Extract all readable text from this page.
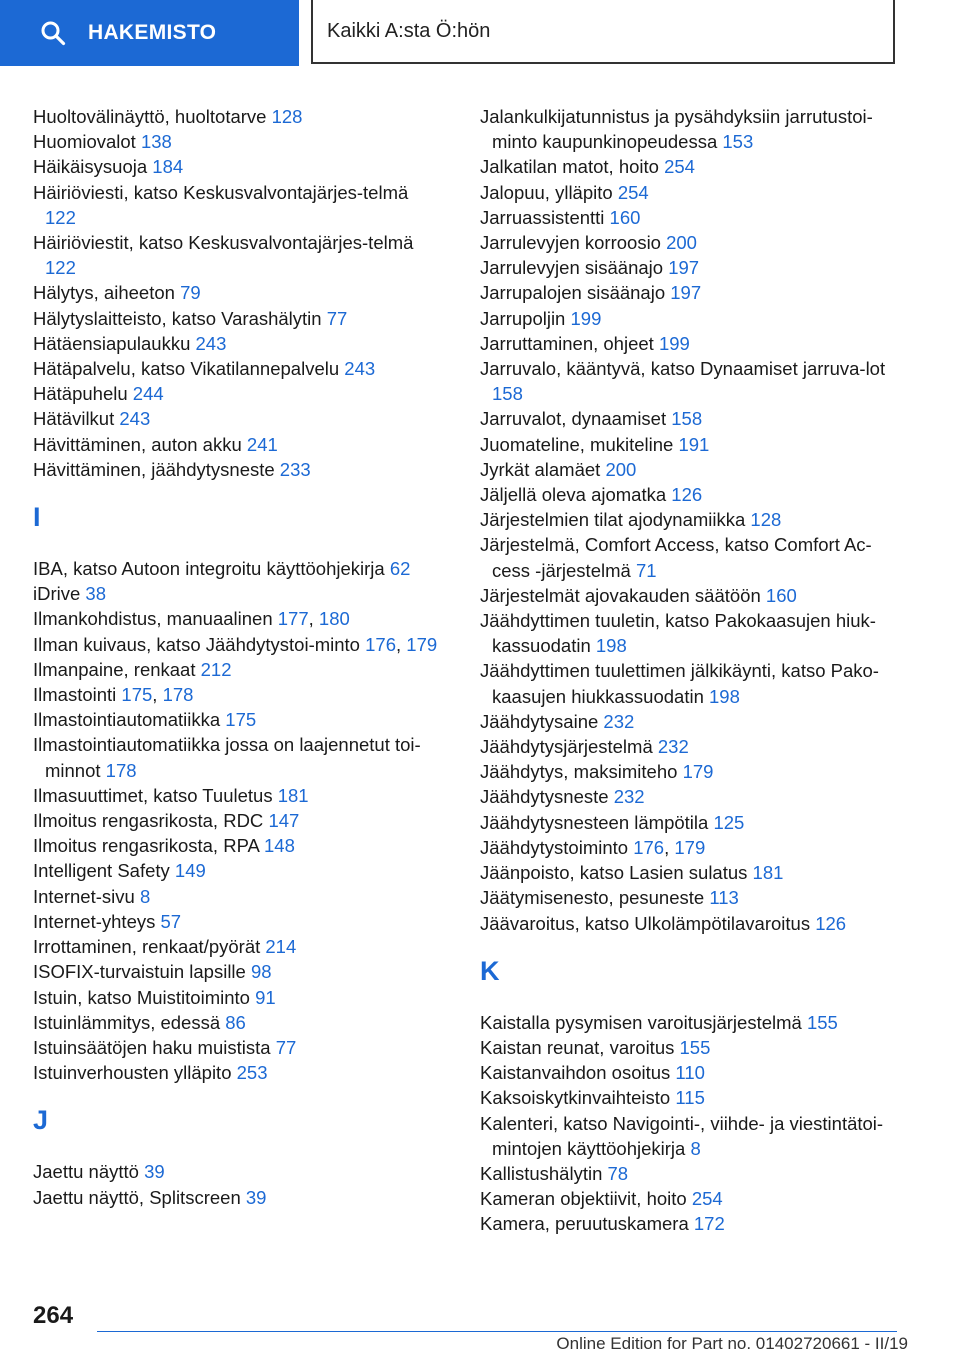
HAKEMISTO	Kaikki A:sta Ö:hön
Huoltovälinäyttö, huoltotarve 128
Huomiovalot 138
Häikäisysuoja 184
Häiriöviesti, katso Keskusvalvontajärjes-telmä 122
Häiriöviestit, katso Keskusvalvontajärjes-telmä 122
Hälytys, aiheeton 79
Hälytyslaitteisto, katso Varashälytin 77
Hätäensiapulaukku 243
Hätäpalvelu, katso Vikatilannepalvelu 243
Hätäpuhelu 244
Hätävilkut 243
Hävittäminen, auton akku 241
Hävittäminen, jäähdytysneste 233
I
IBA, katso Autoon integroitu käyttöohjekirja 62
iDrive 38
Ilmankohdistus, manuaalinen 177, 180
Ilman kuivaus, katso Jäähdytystoi-minto 176, 179
Ilmanpaine, renkaat 212
Ilmastointi 175, 178
Ilmastointiautomatiikka 175
Ilmastointiautomatiikka jossa on laajennetut toi-minnot 178
Ilmasuuttimet, katso Tuuletus 181
Ilmoitus rengasrikosta, RDC 147
Ilmoitus rengasrikosta, RPA 148
Intelligent Safety 149
Internet-sivu 8
Internet-yhteys 57
Irrottaminen, renkaat/pyörät 214
ISOFIX-turvaistuin lapsille 98
Istuin, katso Muistitoiminto 91
Istuinlämmitys, edessä 86
Istuinsäätöjen haku muistista 77
Istuinverhousten ylläpito 253
J
Jaettu näyttö 39
Jaettu näyttö, Splitscreen 39
Jalankulkijatunnistus ja pysähdyksiin jarrutustoi-minto kaupunkinopeudessa 153
Jalkatilan matot, hoito 254
Jalopuu, ylläpito 254
Jarruassistentti 160
Jarrulevyjen korroosio 200
Jarrulevyjen sisäänajo 197
Jarrupalojen sisäänajo 197
Jarrupoljin 199
Jarruttaminen, ohjeet 199
Jarruvalo, kääntyvä, katso Dynaamiset jarruva-lot 158
Jarruvalot, dynaamiset 158
Juomateline, mukiteline 191
Jyrkät alamäet 200
Jäljellä oleva ajomatka 126
Järjestelmien tilat ajodynamiikka 128
Järjestelmä, Comfort Access, katso Comfort Ac-cess -järjestelmä 71
Järjestelmät ajovakauden säätöön 160
Jäähdyttimen tuuletin, katso Pakokaasujen hiuk-kassuodatin 198
Jäähdyttimen tuulettimen jälkikäynti, katso Pako-kaasujen hiukkassuodatin 198
Jäähdytysaine 232
Jäähdytysjärjestelmä 232
Jäähdytys, maksimiteho 179
Jäähdytysneste 232
Jäähdytysnesteen lämpötila 125
Jäähdytystoiminto 176, 179
Jäänpoisto, katso Lasien sulatus 181
Jäätymisenesto, pesuneste 113
Jäävaroitus, katso Ulkolämpötilavaroitus 126
K
Kaistalla pysymisen varoitusjärjestelmä 155
Kaistan reunat, varoitus 155
Kaistanvaihdon osoitus 110
Kaksoiskytkinvaihteisto 115
Kalenteri, katso Navigointi-, viihde- ja viestintätoi-mintojen käyttöohjekirja 8
Kallistushälytin 78
Kameran objektiivit, hoito 254
Kamera, peruutuskamera 172
264
Online Edition for Part no. 01402720661 - II/19
